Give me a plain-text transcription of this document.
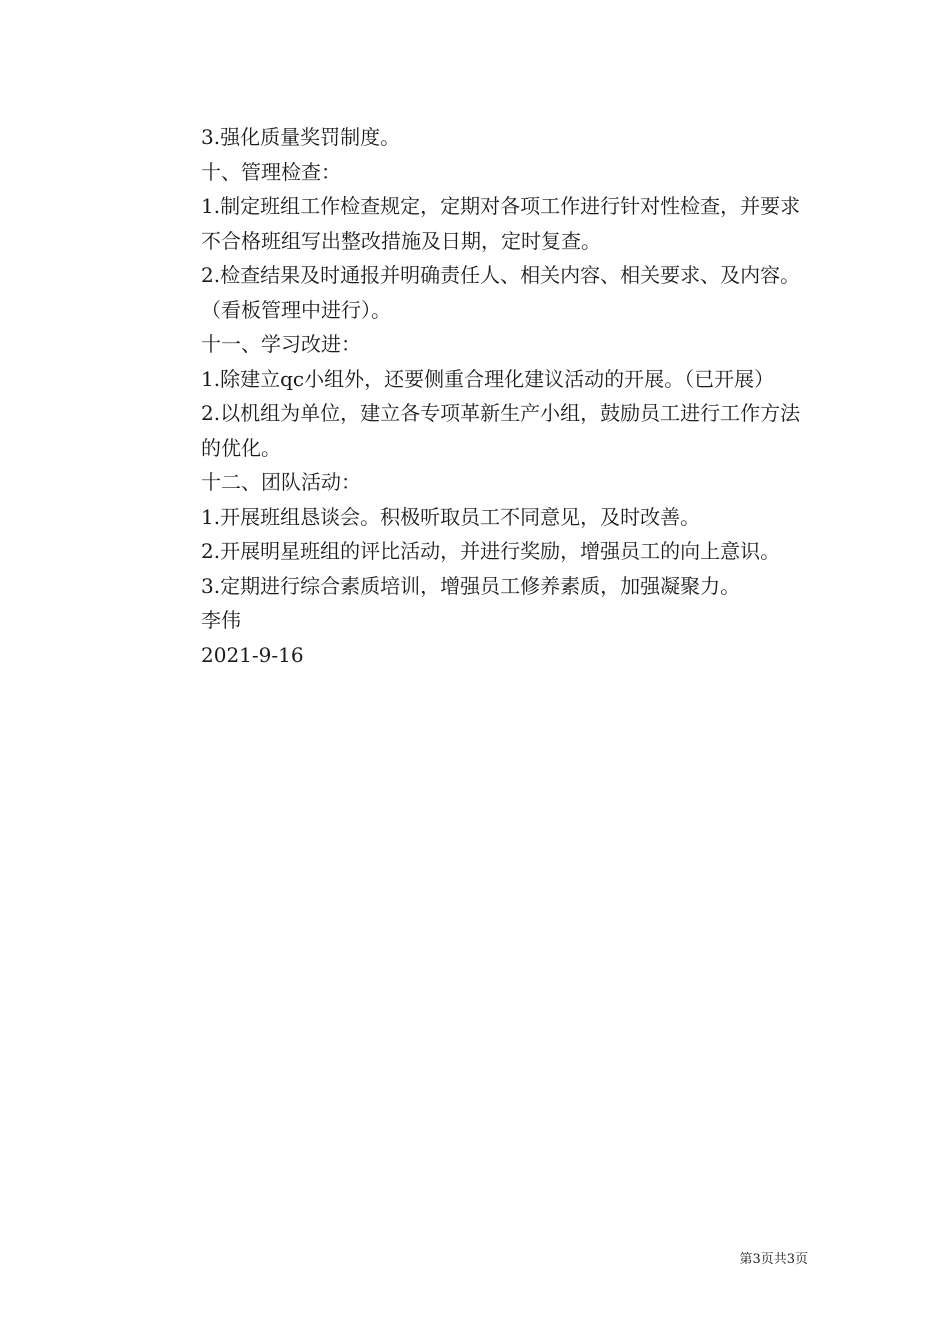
3.强化质量奖罚制度。

十、管理检查：

1.制定班组工作检查规定，定期对各项工作进行针对性检查，并要求

不合格班组写出整改措施及日期，定时复查。

2.检查结果及时通报并明确责任人、相关内容、相关要求、及内容。

（看板管理中进行）。

十一、学习改进：

1.除建立qc小组外，还要侧重合理化建议活动的开展。（已开展）

2.以机组为单位，建立各专项革新生产小组，鼓励员工进行工作方法

的优化。

十二、团队活动：

1.开展班组恳谈会。积极听取员工不同意见，及时改善。

2.开展明星班组的评比活动，并进行奖励，增强员工的向上意识。

3.定期进行综合素质培训，增强员工修养素质，加强凝聚力。

李伟

2021-9-16

第3页共3页
